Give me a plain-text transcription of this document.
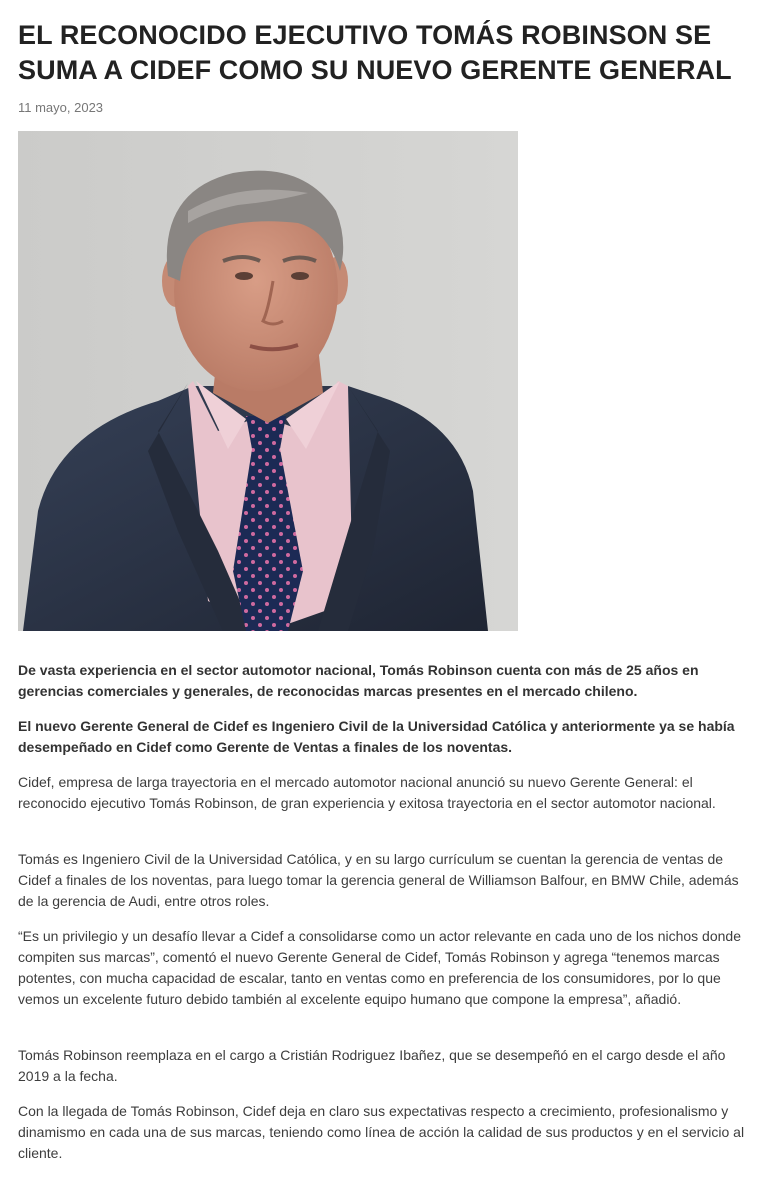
EL RECONOCIDO EJECUTIVO TOMÁS ROBINSON SE
SUMA A CIDEF COMO SU NUEVO GERENTE GENERAL
11 mayo, 2023

De vasta experiencia en el sector automotor nacional, Tomás Robinson cuenta con más de 25 años en gerencias comerciales y generales, de reconocidas marcas presentes en el mercado chileno.

El nuevo Gerente General de Cidef es Ingeniero Civil de la Universidad Católica y anteriormente ya se había desempeñado en Cidef como Gerente de Ventas a finales de los noventas.

Cidef, empresa de larga trayectoria en el mercado automotor nacional anunció su nuevo Gerente General: el reconocido ejecutivo Tomás Robinson, de gran experiencia y exitosa trayectoria en el sector automotor nacional.

Tomás es Ingeniero Civil de la Universidad Católica, y en su largo currículum se cuentan la gerencia de ventas de Cidef a finales de los noventas, para luego tomar la gerencia general de Williamson Balfour, en BMW Chile, además de la gerencia de Audi, entre otros roles.

“Es un privilegio y un desafío llevar a Cidef a consolidarse como un actor relevante en cada uno de los nichos donde compiten sus marcas”, comentó el nuevo Gerente General de Cidef, Tomás Robinson y agrega “tenemos marcas potentes, con mucha capacidad de escalar, tanto en ventas como en preferencia de los consumidores, por lo que vemos un excelente futuro debido también al excelente equipo humano que compone la empresa”, añadió.

Tomás Robinson reemplaza en el cargo a Cristián Rodriguez Ibañez, que se desempeñó en el cargo desde el año 2019 a la fecha.

Con la llegada de Tomás Robinson, Cidef deja en claro sus expectativas respecto a crecimiento, profesionalismo y dinamismo en cada una de sus marcas, teniendo como línea de acción la calidad de sus productos y en el servicio al cliente.
